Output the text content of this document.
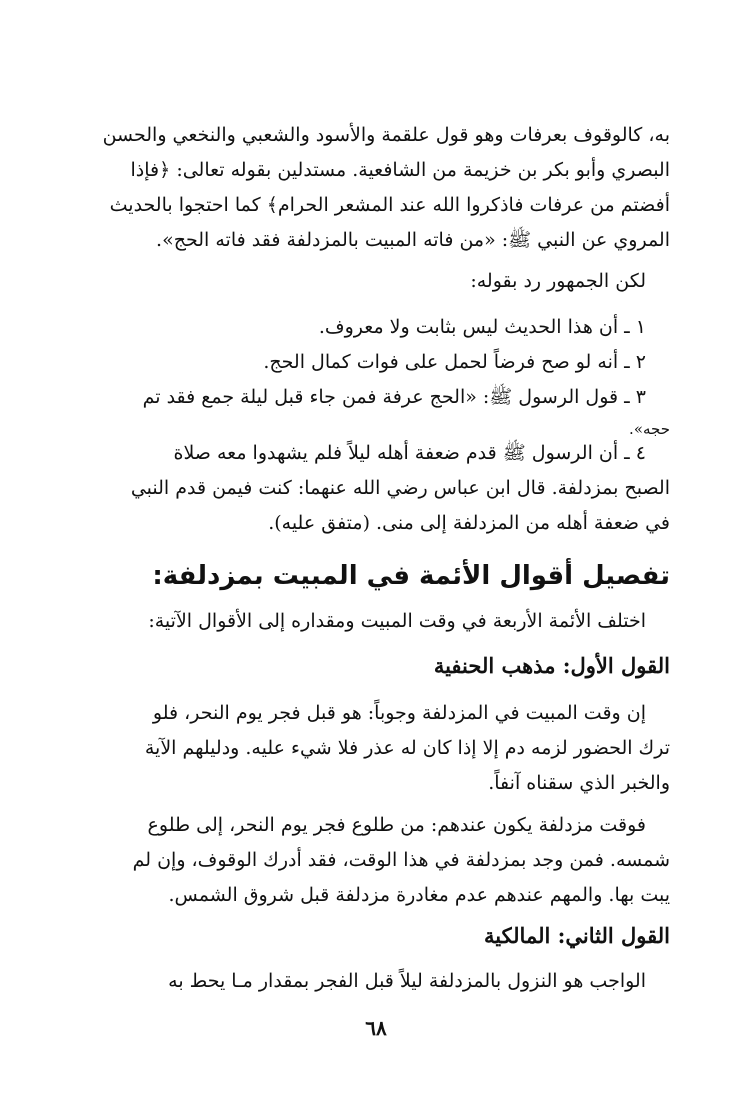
به، كالوقوف بعرفات وهو قول علقمة والأسود والشعبي والنخعي والحسن
البصري وأبو بكر بن خزيمة من الشافعية. مستدلين بقوله تعالى: ﴿فإذا
أفضتم من عرفات فاذكروا الله عند المشعر الحرام﴾ كما احتجوا بالحديث
المروي عن النبي ﷺ: «من فاته المبيت بالمزدلفة فقد فاته الحج».
لكن الجمهور رد بقوله:
١ ـ أن هذا الحديث ليس بثابت ولا معروف.
٢ ـ أنه لو صح فرضاً لحمل على فوات كمال الحج.
٣ ـ قول الرسول ﷺ: «الحج عرفة فمن جاء قبل ليلة جمع فقد تم
حجه».
٤ ـ أن الرسول ﷺ قدم ضعفة أهله ليلاً فلم يشهدوا معه صلاة
الصبح بمزدلفة. قال ابن عباس رضي الله عنهما: كنت فيمن قدم النبي
في ضعفة أهله من المزدلفة إلى منى. (متفق عليه).
تفصيل أقوال الأئمة في المبيت بمزدلفة:
اختلف الأئمة الأربعة في وقت المبيت ومقداره إلى الأقوال الآتية:
القول الأول: مذهب الحنفية
إن وقت المبيت في المزدلفة وجوباً: هو قبل فجر يوم النحر، فلو
ترك الحضور لزمه دم إلا إذا كان له عذر فلا شيء عليه. ودليلهم الآية
والخبر الذي سقناه آنفاً.
فوقت مزدلفة يكون عندهم: من طلوع فجر يوم النحر، إلى طلوع
شمسه. فمن وجد بمزدلفة في هذا الوقت، فقد أدرك الوقوف، وإن لم
يبت بها. والمهم عندهم عدم مغادرة مزدلفة قبل شروق الشمس.
القول الثاني: المالكية
الواجب هو النزول بالمزدلفة ليلاً قبل الفجر بمقدار مـا يحط به
٦٨
